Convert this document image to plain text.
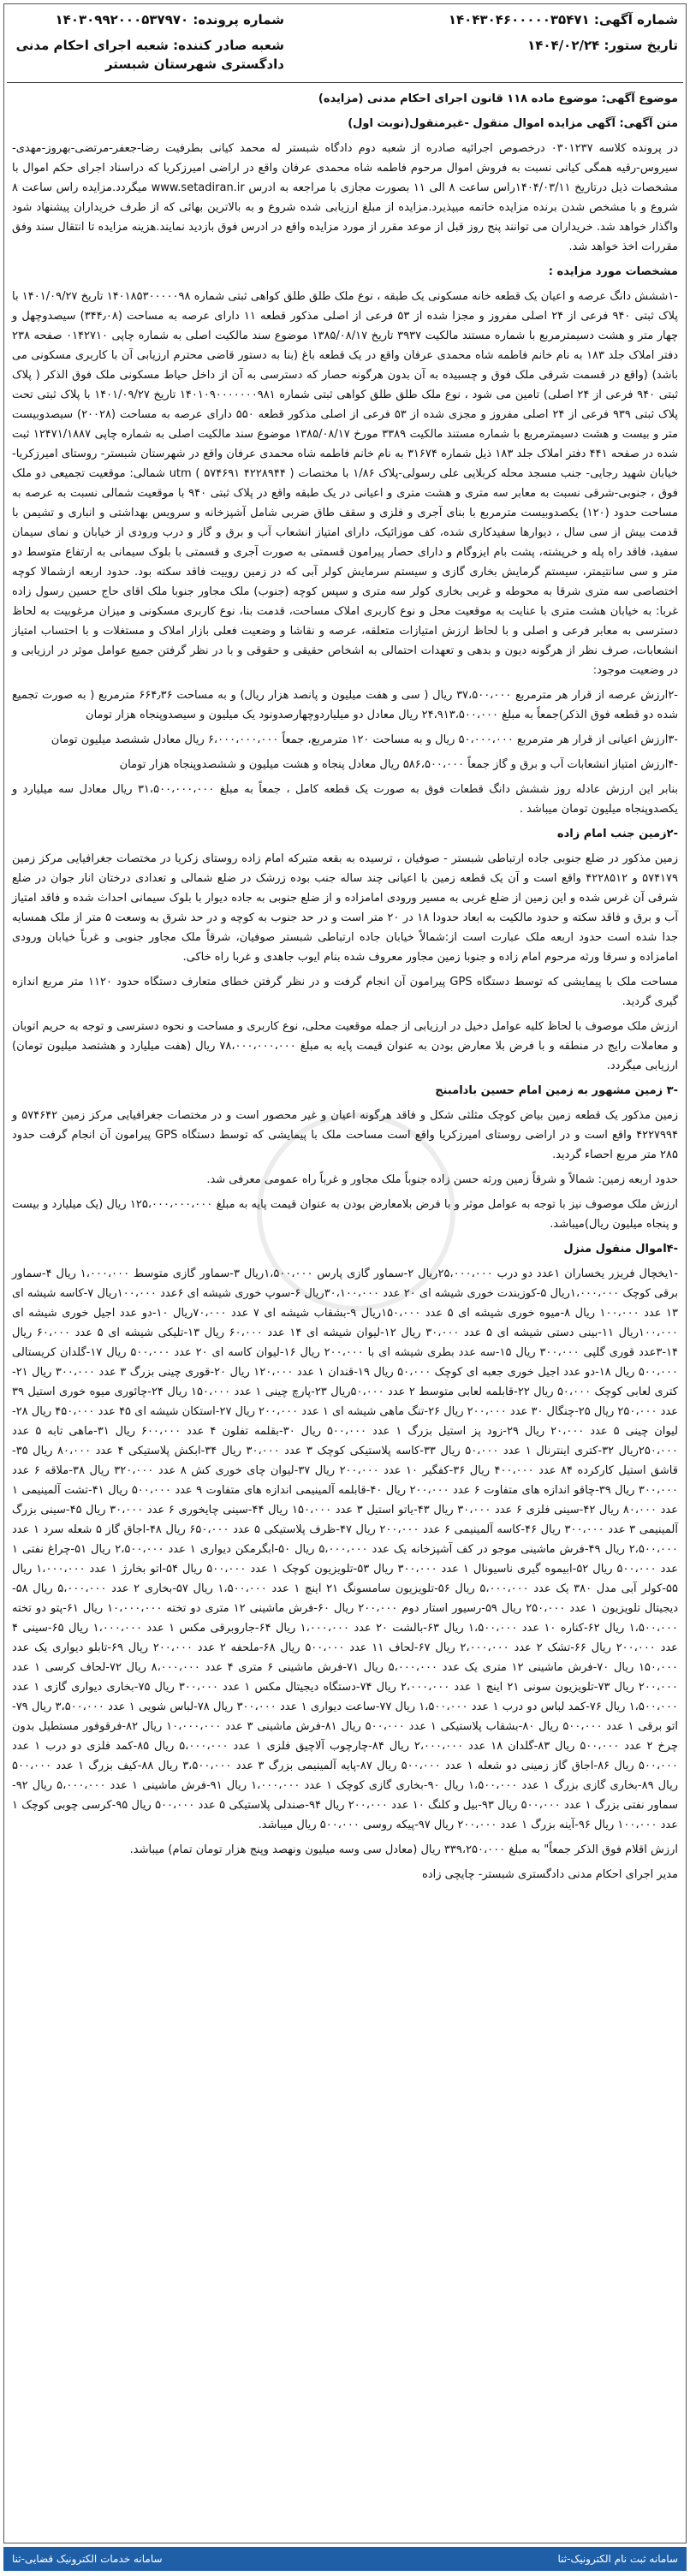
شماره آگهی: ۱۴۰۴۳۰۴۶۰۰۰۰۰۳۵۴۷۱
شماره پرونده: ۱۴۰۳۰۹۹۲۰۰۰۵۳۷۹۷۰
تاریخ ستور: ۱۴۰۴/۰۲/۲۴
شعبه صادر کننده: شعبه اجرای احکام مدنی دادگستری شهرستان شبستر

موضوع آگهی: موضوع ماده ۱۱۸ قانون اجرای احکام مدنی (مزایده)

متن آگهی: آگهی مزایده اموال منقول -غیرمنقول(نوبت اول)

در پرونده کلاسه ۰۳۰۱۲۳۷ درخصوص اجرائیه صادره از شعبه دوم دادگاه شبستر له محمد کیانی بطرفیت رضا-جعفر-مرتضی-بهروز-مهدی-سیروس-رقیه همگی کیانی نسبت به فروش اموال مرحوم فاطمه شاه محمدی عرفان واقع در اراضی امیرزکریا که دراسناد اجرای حکم اموال با مشخصات ذیل درتاریخ ۱۴۰۴/۰۳/۱۱راس ساعت ۸ الی ۱۱ بصورت مجازی با مراجعه به ادرس www.setadiran.ir میگردد.مزایده راس ساعت ۸ شروع و با مشخص شدن برنده مزایده خاتمه میپذیرد.مزایده از مبلغ ارزیابی شده شروع و به بالاترین بهائی که از طرف خریداران پیشنهاد شود واگذار خواهد شد. خریداران می توانند پنج روز قبل از موعد مقرر از مورد مزایده واقع در ادرس فوق بازدید نمایند.هزینه مزایده تا انتقال سند وفق مقررات اخذ خواهد شد.

مشخصات مورد مزایده :

-۱ششش دانگ عرصه و اعیان یک قطعه خانه مسکونی یک طبقه ، نوع ملک طلق طلق کواهی ثبتی شماره ۱۴۰۱۸۵۳۰۰۰۰۰۹۸ تاریخ ۱۴۰۱/۰۹/۲۷ با پلاک ثبتی ۹۴۰ فرعی از ۲۴ اصلی مفروز و مجزا شده از ۵۳ فرعی از اصلی مذکور قطعه ۱۱ دارای عرصه به مساحت (۳۴۴٫۰۸) سیصدوچهل و چهار متر و هشت دسیمترمربع با شماره مستند مالکیت ۳۹۳۷ تاریخ ۱۳۸۵/۰۸/۱۷ موضوع سند مالکیت اصلی به شماره چاپی ۰۱۴۲۷۱۰ صفحه ۲۳۸ دفتر املاک جلد ۱۸۳ به نام خانم فاطمه شاه محمدی عرفان واقع در یک قطعه باغ (بنا به دستور قاضی محترم ارزیابی آن با کاربری مسکونی می باشد) (واقع در قسمت شرقی ملک فوق و چسبیده به آن بدون هرگونه حصار که دسترسی به آن از داخل حیاط مسکونی ملک فوق الذکر ( پلاک ثبتی ۹۴۰ فرعی از ۲۴ اصلی) تامین می شود ، نوع ملک طلق طلق کواهی ثبتی شماره ۱۴۰۱۰۹۰۰۰۰۰۰۰۹۸۱ تاریخ ۱۴۰۱/۰۹/۲۷ با پلاک ثبتی تحت پلاک ثبتی ۹۳۹ فرعی از ۲۴ اصلی مفروز و مجزی شده از ۵۳ فرعی از اصلی مذکور قطعه ۵۵۰ دارای عرصه به مساحت (۲۰۰۲۸) سیصدوبیست متر و بیست و هشت دسیمترمربع با شماره مستند مالکیت ۳۳۸۹ مورخ ۱۳۸۵/۰۸/۱۷ موضوع سند مالکیت اصلی به شماره چاپی ۱۲۴۷۱/۱۸۸۷ ثبت شده در صفحه ۴۴۱ دفتر املاک جلد ۱۸۳ ذیل شماره ۳۱۶۷۴ به نام خانم فاطمه شاه محمدی عرفان واقع در شهرستان شبستر- روستای امیرزکریا- خیابان شهید رجایی- جنب مسجد محله کربلایی علی رسولی-پلاک ۱/۸۶ با مختصات ( ۴۲۲۸۹۴۴ ۵۷۴۶۹۱ ) utm شمالی: موقعیت تجمیعی دو ملک فوق ، جنوبی-شرقی نسبت به معابر سه متری و هشت متری و اعیانی در یک طبقه واقع در پلاک ثبتی ۹۴۰ با موقعیت شمالی نسبت به عرصه به مساحت حدود (۱۲۰) یکصدوبیست مترمربع با بنای آجری و فلزی و سقف طاق ضربی شامل آشپزخانه و سرویس بهداشتی و انباری و تشیمن با قدمت بیش از سی سال ، دیوارها سفیدکاری شده، کف موزائیک، دارای امتیاز انشعاب آب و برق و گاز و درب ورودی از خیابان و نمای سیمان سفید، فاقد راه پله و خرپشته، پشت بام ایزوگام و دارای حصار پیرامون قسمتی به صورت آجری و قسمتی با بلوک سیمانی به ارتفاع متوسط دو متر و سی سانتیمتر، سیستم گرمایش بخاری گازی و سیستم سرمایش کولر آبی که در زمین روییت فاقد سکته بود. حدود اربعه ازشمالا کوچه اختصاصی سه متری شرقا به محوطه و غربی بخاری کولر سه متری و سپس کوچه (جنوب) ملک مجاور جنوبا ملک اقای حاج حسین رسول زاده غربا: به خیابان هشت متری با عنایت به موقعیت محل و نوع کاربری املاک مساحت، قدمت بنا، نوع کاربری مسکونی و میزان مرغوبیت به لحاظ دسترسی به معابر فرعی و اصلی و با لحاظ ارزش امتیازات متعلقه، عرصه و نقاشا و وضعیت فعلی بازار املاک و مستغلات و با احتساب امتیاز انشعابات، صرف نظر از هرگونه دیون و بدهی و تعهدات احتمالی به اشخاص حقیقی و حقوقی و با در نظر گرفتن جمیع عوامل موثر در ارزیابی و در وضعیت موجود:

-۲ارزش عرصه از قرار هر مترمربع ۳۷،۵۰۰،۰۰۰ ریال ( سی و هفت میلیون و پانصد هزار ریال) و به مساحت ۶۶۴٫۳۶ مترمربع ( به صورت تجمیع شده دو قطعه فوق الذکر)جمعاً به مبلغ ۲۴،۹۱۳،۵۰۰،۰۰۰ ریال معادل دو میلیاردوچهارصدونود یک میلیون و سیصدوپنجاه هزار تومان

-۳ارزش اعیانی از قرار هر مترمربع ۵۰،۰۰۰،۰۰۰ ریال و به مساحت ۱۲۰ مترمربع، جمعاً ۶،۰۰۰،۰۰۰،۰۰۰ ریال معادل ششصد میلیون تومان

-۴ارزش امتیاز انشعابات آب و برق و گاز جمعاً ۵۸۶،۵۰۰،۰۰۰ ریال معادل پنجاه و هشت میلیون و ششصدوپنجاه هزار تومان

بنابر این ارزش عادله روز ششش دانگ قطعات فوق به صورت یک قطعه کامل ، جمعاً به مبلغ ۳۱،۵۰۰،۰۰۰،۰۰۰ ریال معادل سه میلیارد و یکصدوپنجاه میلیون تومان میباشد .

-۲زمین جنب امام زاده

زمین مذکور در ضلع جنوبی جاده ارتباطی شبستر - صوفیان ، ترسیده به بقعه متبرکه امام زاده روستای زکریا در مختصات جغرافیایی مرکز زمین ۵۷۴۱۷۹ و ۴۲۲۸۵۱۲ واقع است و آن یک قطعه زمین با اعیانی چند ساله جنب بوده زرشک در ضلع شمالی و تعدادی درختان انار جوان در ضلع شرقی آن غرس شده و این زمین از ضلع غربی به مسیر ورودی امامزاده و از ضلع جنوبی به جاده دیوار با بلوک سیمانی احداث شده و فاقد امتیاز آب و برق و فاقد سکته و حدود مالکیت به ابعاد حدودا ۱۸ در ۲۰ متر است و در حد جنوب به کوچه و در حد شرق به وسعت ۵ متر از ملک همسایه جدا شده است حدود اربعه ملک عبارت است از:شمالاً خیابان جاده ارتباطی شبستر صوفیان، شرقاً ملک مجاور جنوبی و غرباً خیابان ورودی امامزاده و سرقا ورثه مرحوم امام زاده و جنوبا زمین مجاور معروف شده بنام ایوب جاهدی و غربا راه خاکی.

مساحت ملک با پیمایشی که توسط دستگاه GPS پیرامون آن انجام گرفت و در نظر گرفتن خطای متعارف دستگاه حدود ۱۱۲۰ متر مربع اندازه گیری گردید.

ارزش ملک موصوف با لحاظ کلیه عوامل دخیل در ارزیابی از جمله موقعیت محلی، نوع کاربری و مساحت و نحوه دسترسی و توجه به حریم اتوبان و معاملات رایج در منطقه و با فرض بلا معارض بودن به عنوان قیمت پایه به مبلغ ۷۸،۰۰۰،۰۰۰،۰۰۰ ریال (هفت میلیارد و هشتصد میلیون تومان) ارزیابی میگردد.

-۳ زمین مشهور به زمین امام حسین بادامبنج

زمین مذکور یک قطعه زمین بیاض کوچک مثلثی شکل و فاقد هرگونه اعیان و غیر محصور است و در مختصات جغرافیایی مرکز زمین ۵۷۴۶۴۲ و ۴۲۲۷۹۹۴ واقع است و در اراضی روستای امیرزکریا واقع است مساحت ملک با پیمایشی که توسط دستگاه GPS پیرامون آن انجام گرفت حدود ۲۸۵ متر مربع احصاء گردید.

حدود اربعه زمین: شمالاً و شرقاً زمین ورثه حسن زاده جنوباً ملک مجاور و غرباً راه عمومی معرفی شد.

ارزش ملک موصوف نیز با توجه به عوامل موثر و با فرض بلامعارض بودن به عنوان قیمت پایه به مبلغ ۱۲۵،۰۰۰،۰۰۰،۰۰۰ ریال (یک میلیارد و بیست و پنجاه میلیون ریال)میباشد.

-۴اموال منقول منزل

-۱یخچال فریزر یخساران ۱عدد دو درب ۲۵،۰۰۰،۰۰۰ریال ۲-سماور گازی پارس ۱،۵۰۰،۰۰۰ریال ۳-سماور گازی متوسط ۱،۰۰۰،۰۰۰ ریال ۴-سماور برقی کوچک ۱،۰۰۰،۰۰۰ریال ۵-کوزبندت خوری شیشه ای ۲۰ عدد ۳۰،۱۰۰،۰۰۰ریال ۶-سوپ خوری شیشه ای ۶عدد ۱۰۰،۰۰۰ریال ۷-کاسه شیشه ای ۱۳ عدد ۱۰۰،۰۰۰ ریال ۸-میوه خوری شیشه ای ۵ عدد ۱۵۰،۰۰۰ریال ۹-بشقاب شیشه ای ۷ عدد ۷۰،۰۰۰ریال ۱۰-دو عدد اجیل خوری شیشه ای ۱۰۰،۰۰۰ریال ۱۱-بینی دستی شیشه ای ۵ عدد ۳۰،۰۰۰ ریال ۱۲-لیوان شیشه ای ۱۴ عدد ۶۰،۰۰۰ ریال ۱۳-تلیکی شیشه ای ۵ عدد ۶۰،۰۰۰ ریال ۱۴-۳عدد قوری گلپی ۳۰۰،۰۰۰ ریال ۱۵-سه عدد بطری شیشه ای با ۲۰۰،۰۰۰ ریال ۱۶-لیوان کاسه ای ۲۰ عدد ۵۰۰،۰۰۰ ریال ۱۷-گلدان کریستالی ۵۰۰،۰۰۰ ریال ۱۸-دو عدد اجیل خوری جعبه ای کوچک ۵۰،۰۰۰ ریال ۱۹-قندان ۱ عدد ۱۲۰،۰۰۰ ریال ۲۰-قوری چینی بزرگ ۳ عدد ۳۰۰،۰۰۰ ریال ۲۱-کتری لعابی کوچک ۵۰،۰۰۰ ریال ۲۲-قابلمه لعابی متوسط ۲ عدد ۵۰،۰۰۰ریال ۲۳-پارچ چینی ۱ عدد ۱۵۰،۰۰۰ ریال ۲۴-چائوری میوه خوری استیل ۳۹ عدد ۲۵۰،۰۰۰ ریال ۲۵-چنگال ۳۰ عدد ۲۰۰،۰۰۰ ریال ۲۶-تنگ ماهی شیشه ای ۱ عدد ۲۰۰،۰۰۰ ریال ۲۷-استکان شیشه ای ۴۵ عدد ۴۵۰،۰۰۰ ریال ۲۸-لیوان چینی ۵ عدد ۲۰،۰۰۰ ریال ۲۹-زود پز استیل بزرگ ۱ عدد ۵۰۰،۰۰۰ ریال ۳۰-بقلمه تفلون ۴ عدد ۶۰۰،۰۰۰ ریال ۳۱-ماهی تابه ۵ عدد ۲۵۰،۰۰۰ریال ۳۲-کتری اینترنال ۱ عدد ۵۰،۰۰۰ ریال ۳۳-کاسه پلاستیکی کوچک ۳ عدد ۳۰،۰۰۰ ریال ۳۴-ابکش پلاستیکی ۴ عدد ۸۰،۰۰۰ ریال ۳۵-قاشق استیل کارکرده ۸۴ عدد ۴۰۰،۰۰۰ ریال ۳۶-کفگیر ۱۰ عدد ۲۰۰،۰۰۰ ریال ۳۷-لیوان چای خوری کش ۸ عدد ۳۲۰،۰۰۰ ریال ۳۸-ملاقه ۶ عدد ۳۰۰،۰۰۰ ریال ۳۹-چاقو اندازه های متفاوت ۶ عدد ۲۰۰،۰۰۰ ریال ۴۰-قابلمه آلمینیمی اندازه های متفاوت ۹ عدد ۵۰۰،۰۰۰ ریال ۴۱-تشت آلمینیمی ۱ عدد ۸۰،۰۰۰ ریال ۴۲-سینی فلزی ۶ عدد ۳۰،۰۰۰ ریال ۴۳-یاتو استیل ۳ عدد ۱۵۰،۰۰۰ ریال ۴۴-سینی چایخوری ۶ عدد ۳۰،۰۰۰ ریال ۴۵-سینی بزرگ آلمینیمی ۳ عدد ۳۰۰،۰۰۰ ریال ۴۶-کاسه آلمینیمی ۶ عدد ۲۰۰،۰۰۰ ریال ۴۷-ظرف پلاستیکی ۵ عدد ۶۵۰،۰۰۰ ریال ۴۸-اجاق گاز ۵ شعله سرد ۱ عدد ۲،۵۰۰،۰۰۰ ریال ۴۹-فرش ماشینی موجو در کف آشپزخانه یک عدد ۵،۰۰۰،۰۰۰ ریال ۵۰-ابگرمکن دیواری ۱ عدد ۲،۵۰۰،۰۰۰ ریال ۵۱-چراغ نفتی ۱ عدد ۵۰۰،۰۰۰ ریال ۵۲-ابیموه گیری ناسیونال ۱ عدد ۳۰۰،۰۰۰ ریال ۵۳-تلویزیون کوچک ۱ عدد ۵۰۰،۰۰۰ ریال ۵۴-اتو بخارژ ۱ عدد ۱،۰۰۰،۰۰۰ ریال ۵۵-کولر آبی مدل ۳۸۰ یک عدد ۵،۰۰۰،۰۰۰ ریال ۵۶-تلویزیون سامسونگ ۲۱ اینچ ۱ عدد ۱،۵۰۰،۰۰۰ ریال ۵۷-بخاری ۲ عدد ۵،۰۰۰،۰۰۰ ریال ۵۸-دیجیتال تلویزیون ۱ عدد ۲۵۰،۰۰۰ ریال ۵۹-رسیور استار دوم ۲۰۰،۰۰۰ ریال ۶۰-فرش ماشینی ۱۲ متری دو تخته ۱۰،۰۰۰،۰۰۰ ریال ۶۱-پتو دو تخته ۱،۵۰۰،۰۰۰ ریال ۶۲-کناره ۱۰ عدد ۱،۵۰۰،۰۰۰ ریال ۶۳-بالشت ۲۰ عدد ۱،۰۰۰،۰۰۰ ریال ۶۴-جاروبرقی مکس ۱ عدد ۱،۰۰۰،۰۰۰ ریال ۶۵-سینی ۴ عدد ۲۰۰،۰۰۰ ریال ۶۶-تشک ۲ عدد ۲،۰۰۰،۰۰۰ ریال ۶۷-لحاف ۱۱ عدد ۵۰۰،۰۰۰ ریال ۶۸-ملحفه ۲ عدد ۲۰۰،۰۰۰ ریال ۶۹-تابلو دیواری یک عدد ۱۵۰،۰۰۰ ریال ۷۰-فرش ماشینی ۱۲ متری یک عدد ۵،۰۰۰،۰۰۰ ریال ۷۱-فرش ماشینی ۶ متری ۴ عدد ۸،۰۰۰،۰۰۰ ریال ۷۲-لحاف کرسی ۱ عدد ۲۰۰،۰۰۰ ریال ۷۳-تلویزیون سونی ۲۱ اینچ ۱ عدد ۲،۰۰۰،۰۰۰ ریال ۷۴-دستگاه دیجیتال مکس ۱ عدد ۳۰۰،۰۰۰ ریال ۷۵-بخاری دیواری گازی ۱ عدد ۱،۵۰۰،۰۰۰ ریال ۷۶-کمد لباس دو درب ۱ عدد ۱،۵۰۰،۰۰۰ ریال ۷۷-ساعت دیواری ۱ عدد ۳۰۰،۰۰۰ ریال ۷۸-لباس شویی ۱ عدد ۳،۵۰۰،۰۰۰ ریال ۷۹-اتو برقی ۱ عدد ۵۰۰،۰۰۰ ریال ۸۰-بشقاب پلاستیکی ۱ عدد ۵۰۰،۰۰۰ ریال ۸۱-فرش ماشینی ۳ عدد ۱۰،۰۰۰،۰۰۰ ریال ۸۲-فرقوفور مستطیل بدون چرخ ۲ عدد ۵۰۰،۰۰۰ ریال ۸۳-گلدان ۱۸ عدد ۲،۰۰۰،۰۰۰ ریال ۸۴-چارچوب آلاچیق فلزی ۱ عدد ۵،۰۰۰،۰۰۰ ریال ۸۵-کمد فلزی دو درب ۱ عدد ۵۰۰،۰۰۰ ریال ۸۶-اجاق گاز زمینی دو شعله ۱ عدد ۵۰۰،۰۰۰ ریال ۸۷-پایه آلمینیمی بزرگ ۳ عدد ۳،۵۰۰،۰۰۰ ریال ۸۸-کیف بزرگ ۱ عدد ۵۰۰،۰۰۰ ریال ۸۹-بخاری گازی بزرگ ۱ عدد ۱،۵۰۰،۰۰۰ ریال ۹۰-بخاری گازی کوچک ۱ عدد ۱،۰۰۰،۰۰۰ ریال ۹۱-فرش ماشینی ۱ عدد ۵،۰۰۰،۰۰۰ ریال ۹۲-سماور نفتی بزرگ ۱ عدد ۵۰۰،۰۰۰ ریال ۹۳-بیل و کلنگ ۱۰ عدد ۲۰۰،۰۰۰ ریال ۹۴-صندلی پلاستیکی ۵ عدد ۵۰۰،۰۰۰ ریال ۹۵-کرسی چوبی کوچک ۱ عدد ۱۰۰،۰۰۰ ریال ۹۶-آینه بزرگ ۱ عدد ۲۰۰،۰۰۰ ریال ۹۷-پیکه روسی ۵۰۰،۰۰۰ ریال میباشد.

ارزش اقلام فوق الذکر جمعاً" به مبلغ ۳۳۹،۲۵۰،۰۰۰ ریال (معادل سی وسه میلیون ونهصد وپنج هزار تومان تمام) میباشد.

مدیر اجرای احکام مدنی دادگستری شبستر- چایچی زاده

سامانه ثبت نام الکترونیک-ثنا
سامانه خدمات الکترونیک قضایی-ثنا
